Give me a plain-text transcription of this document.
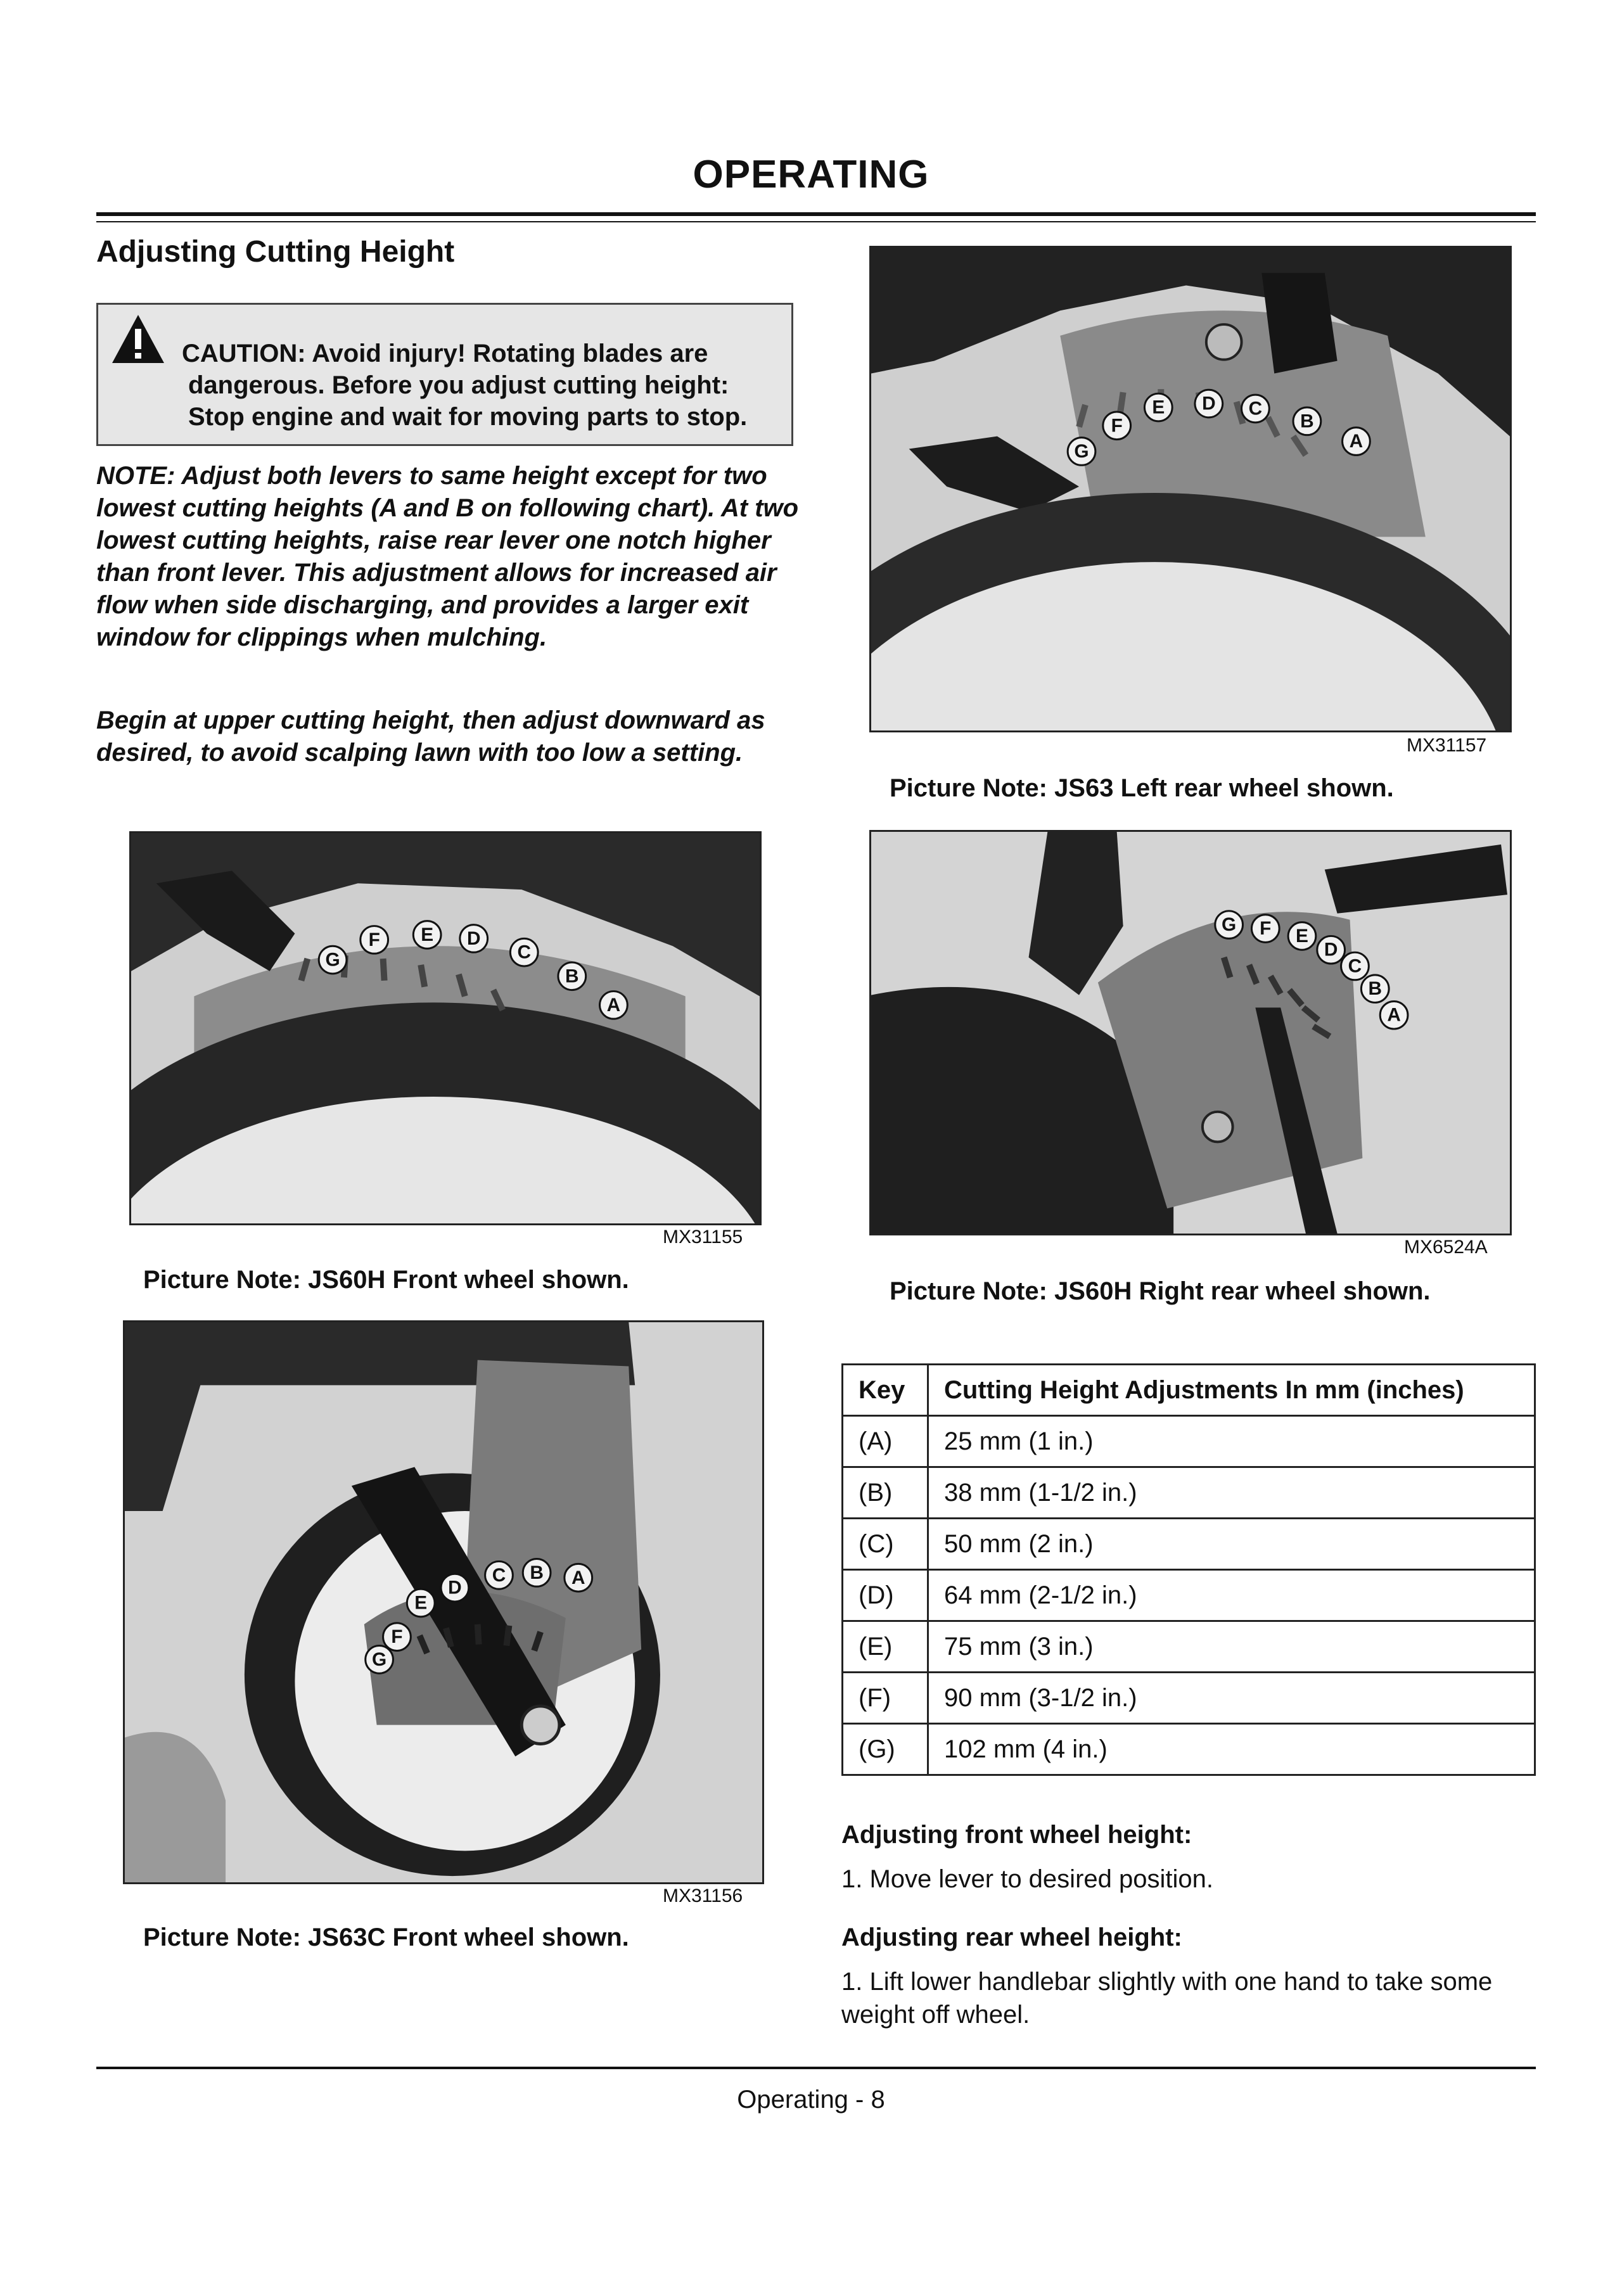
OPERATING
Adjusting Cutting Height
CAUTION: Avoid injury! Rotating blades are
dangerous. Before you adjust cutting height:
Stop engine and wait for moving parts to stop.
NOTE: Adjust both levers to same height except for two lowest cutting heights (A and B on following chart). At two lowest cutting heights, raise rear lever one notch higher than front lever. This adjustment allows for increased air flow when side discharging, and provides a larger exit window for clippings when mulching.
Begin at upper cutting height, then adjust downward as desired, to avoid scalping lawn with too low a setting.
G
F
E D C
B
A
MX31157
Picture Note: JS63 Left rear wheel shown.
G
F E D
C
B
A
MX31155
Picture Note: JS60H Front wheel shown.
G F E
D
C
B
A
MX6524A
Picture Note: JS60H Right rear wheel shown.
G
F
E
D
C B A
MX31156
Picture Note: JS63C Front wheel shown.
Key	Cutting Height Adjustments In mm (inches)
(A)	25 mm (1 in.)
(B)	38 mm (1-1/2 in.)
(C)	50 mm (2 in.)
(D)	64 mm (2-1/2 in.)
(E)	75 mm (3 in.)
(F)	90 mm (3-1/2 in.)
(G)	102 mm (4 in.)
Adjusting front wheel height:
1. Move lever to desired position.
Adjusting rear wheel height:
1. Lift lower handlebar slightly with one hand to take some weight off wheel.
Operating - 8
